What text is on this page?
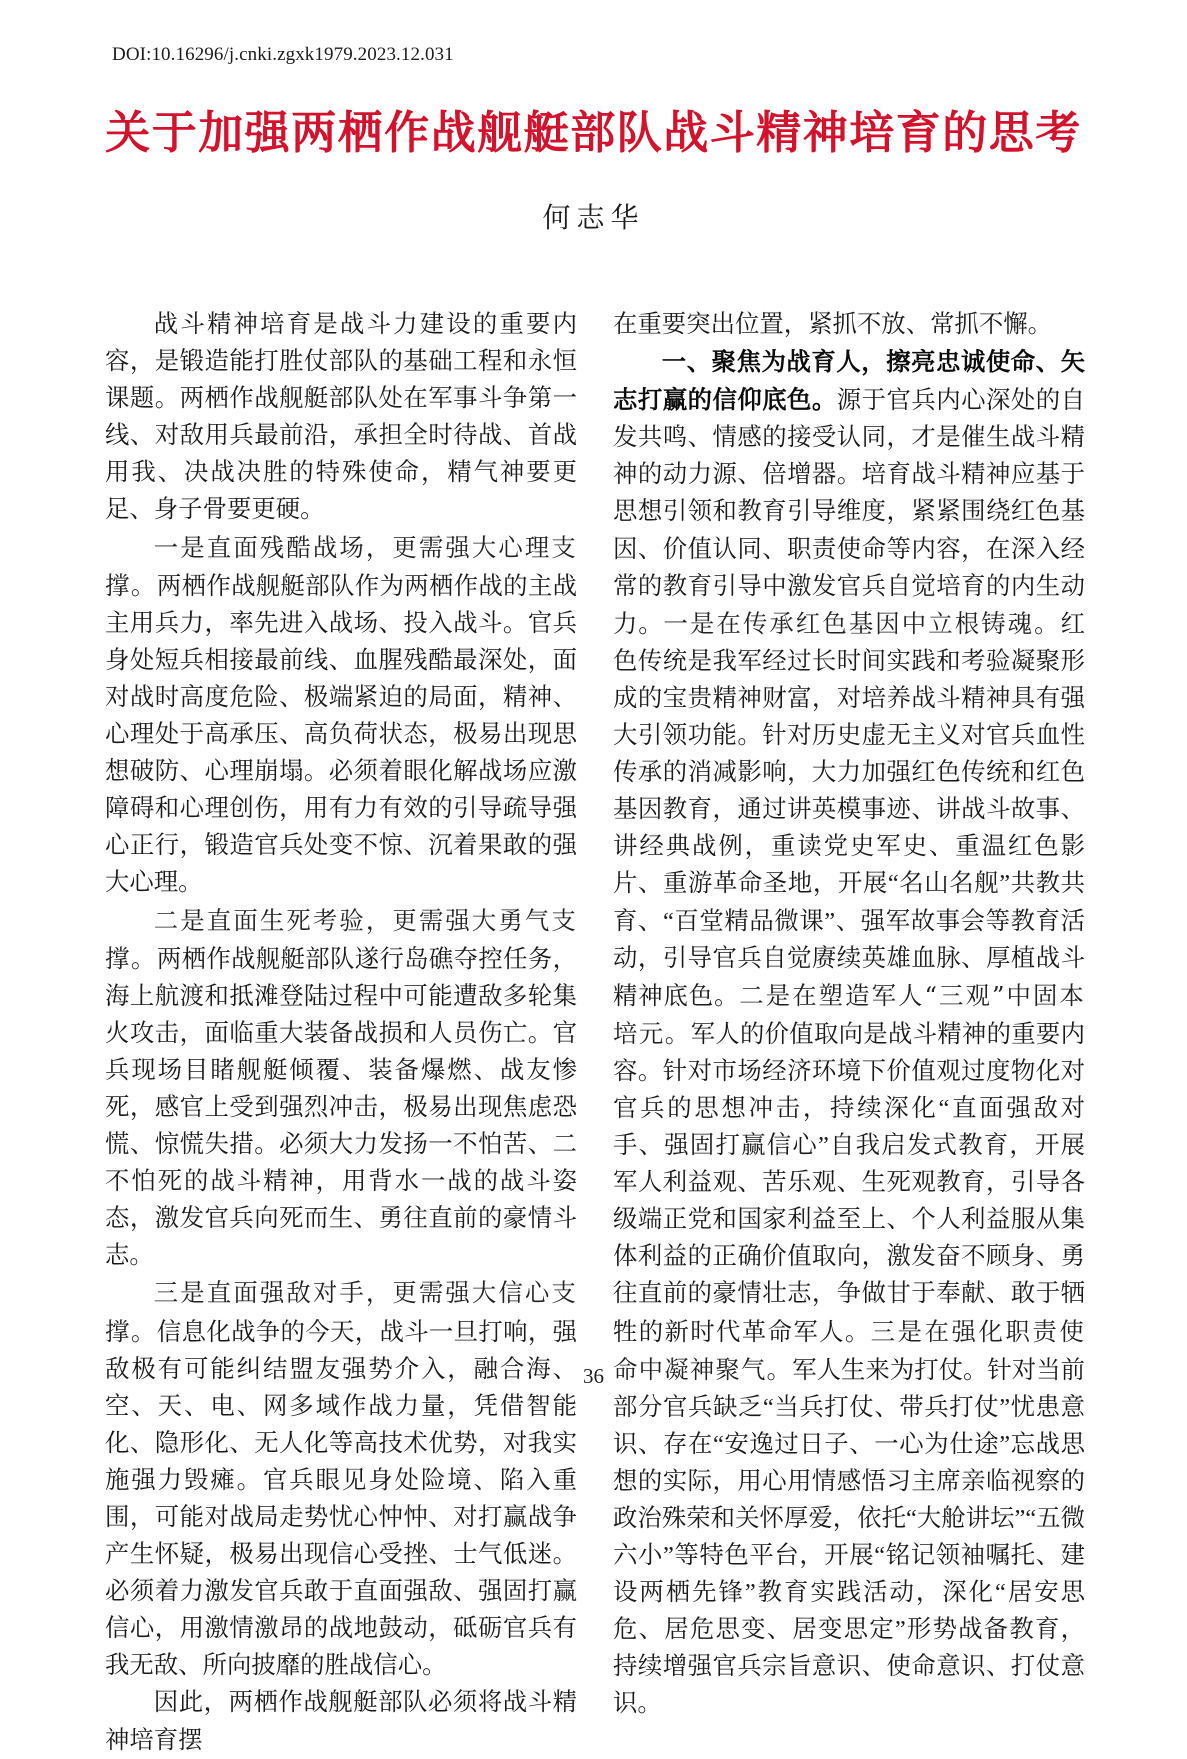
DOI:10.16296/j.cnki.zgxk1979.2023.12.031
关于加强两栖作战舰艇部队战斗精神培育的思考
何志华

战斗精神培育是战斗力建设的重要内容，是锻造能打胜仗部队的基础工程和永恒课题。两栖作战舰艇部队处在军事斗争第一线、对敌用兵最前沿，承担全时待战、首战用我、决战决胜的特殊使命，精气神要更足、身子骨要更硬。

一是直面残酷战场，更需强大心理支撑。两栖作战舰艇部队作为两栖作战的主战主用兵力，率先进入战场、投入战斗。官兵身处短兵相接最前线、血腥残酷最深处，面对战时高度危险、极端紧迫的局面，精神、心理处于高承压、高负荷状态，极易出现思想破防、心理崩塌。必须着眼化解战场应激障碍和心理创伤，用有力有效的引导疏导强心正行，锻造官兵处变不惊、沉着果敢的强大心理。

二是直面生死考验，更需强大勇气支撑。两栖作战舰艇部队遂行岛礁夺控任务，海上航渡和抵滩登陆过程中可能遭敌多轮集火攻击，面临重大装备战损和人员伤亡。官兵现场目睹舰艇倾覆、装备爆燃、战友惨死，感官上受到强烈冲击，极易出现焦虑恐慌、惊慌失措。必须大力发扬一不怕苦、二不怕死的战斗精神，用背水一战的战斗姿态，激发官兵向死而生、勇往直前的豪情斗志。

三是直面强敌对手，更需强大信心支撑。信息化战争的今天，战斗一旦打响，强敌极有可能纠结盟友强势介入，融合海、空、天、电、网多域作战力量，凭借智能化、隐形化、无人化等高技术优势，对我实施强力毁瘫。官兵眼见身处险境、陷入重围，可能对战局走势忧心忡忡、对打赢战争产生怀疑，极易出现信心受挫、士气低迷。必须着力激发官兵敢于直面强敌、强固打赢信心，用激情激昂的战地鼓动，砥砺官兵有我无敌、所向披靡的胜战信心。

因此，两栖作战舰艇部队必须将战斗精神培育摆

在重要突出位置，紧抓不放、常抓不懈。

一、聚焦为战育人，擦亮忠诚使命、矢志打赢的信仰底色。源于官兵内心深处的自发共鸣、情感的接受认同，才是催生战斗精神的动力源、倍增器。培育战斗精神应基于思想引领和教育引导维度，紧紧围绕红色基因、价值认同、职责使命等内容，在深入经常的教育引导中激发官兵自觉培育的内生动力。一是在传承红色基因中立根铸魂。红色传统是我军经过长时间实践和考验凝聚形成的宝贵精神财富，对培养战斗精神具有强大引领功能。针对历史虚无主义对官兵血性传承的消减影响，大力加强红色传统和红色基因教育，通过讲英模事迹、讲战斗故事、讲经典战例，重读党史军史、重温红色影片、重游革命圣地，开展“名山名舰”共教共育、“百堂精品微课”、强军故事会等教育活动，引导官兵自觉赓续英雄血脉、厚植战斗精神底色。二是在塑造军人“三观”中固本培元。军人的价值取向是战斗精神的重要内容。针对市场经济环境下价值观过度物化对官兵的思想冲击，持续深化“直面强敌对手、强固打赢信心”自我启发式教育，开展军人利益观、苦乐观、生死观教育，引导各级端正党和国家利益至上、个人利益服从集体利益的正确价值取向，激发奋不顾身、勇往直前的豪情壮志，争做甘于奉献、敢于牺牲的新时代革命军人。三是在强化职责使命中凝神聚气。军人生来为打仗。针对当前部分官兵缺乏“当兵打仗、带兵打仗”忧患意识、存在“安逸过日子、一心为仕途”忘战思想的实际，用心用情感悟习主席亲临视察的政治殊荣和关怀厚爱，依托“大舱讲坛”“五微六小”等特色平台，开展“铭记领袖嘱托、建设两栖先锋”教育实践活动，深化“居安思危、居危思变、居变思定”形势战备教育，持续增强官兵宗旨意识、使命意识、打仗意识。

36
